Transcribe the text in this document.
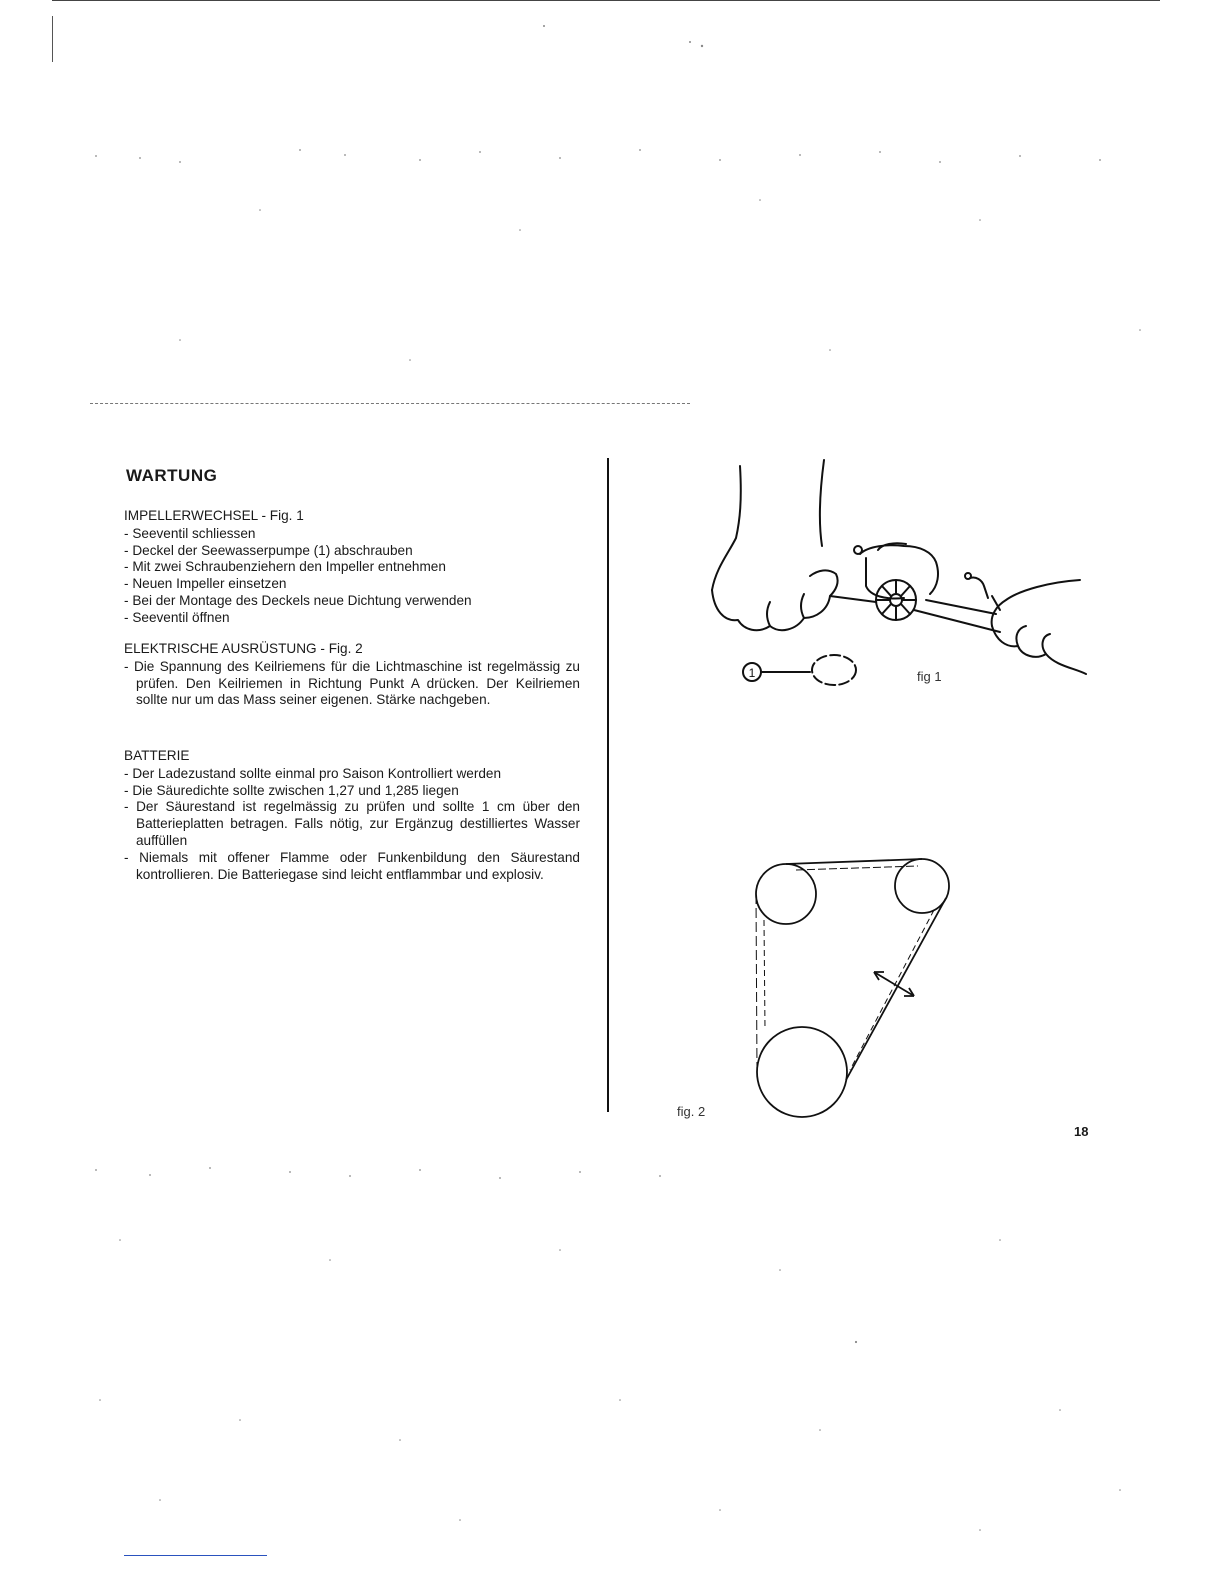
WARTUNG
IMPELLERWECHSEL - Fig. 1
- Seeventil schliessen
- Deckel der Seewasserpumpe (1) abschrauben
- Mit zwei Schraubenziehern den Impeller entnehmen
- Neuen Impeller einsetzen
- Bei der Montage des Deckels neue Dichtung verwenden
- Seeventil öffnen
ELEKTRISCHE AUSRÜSTUNG - Fig. 2
- Die Spannung des Keilriemens für die Lichtmaschine ist regelmässig zu prüfen. Den Keilriemen in Richtung Punkt A drücken. Der Keilriemen sollte nur um das Mass seiner eigenen. Stärke nachgeben.
BATTERIE
- Der Ladezustand sollte einmal pro Saison Kontrolliert werden
- Die Säuredichte sollte zwischen 1,27 und 1,285 liegen
- Der Säurestand ist regelmässig zu prüfen und sollte 1 cm über den Batterieplatten betragen. Falls nötig, zur Ergänzug destilliertes Wasser auffüllen
- Niemals mit offener Flamme oder Funkenbildung den Säurestand kontrollieren. Die Batteriegase sind leicht entflammbar und explosiv.
1	fig 1
fig. 2
18
